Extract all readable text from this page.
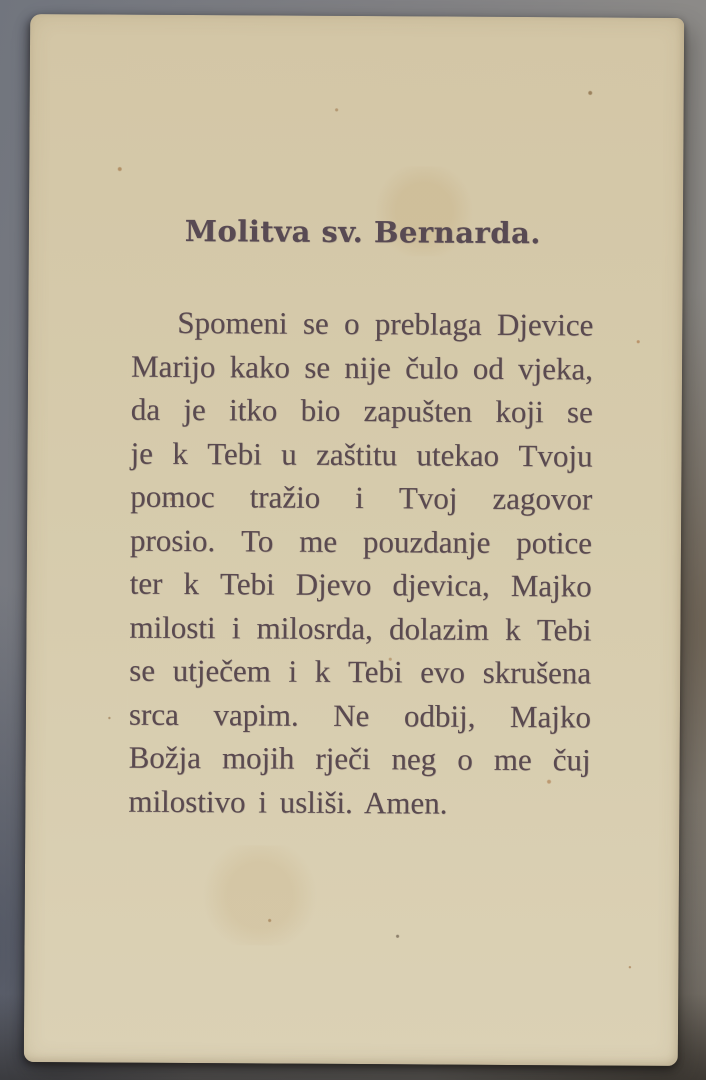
Molitva sv. Bernarda.
Spomeni se o preblaga Djevice
Marijo kako se nije čulo od vjeka,
da je itko bio zapušten koji se
je k Tebi u zaštitu utekao Tvoju
pomoc tražio i Tvoj zagovor
prosio. To me pouzdanje potice
ter k Tebi Djevo djevica, Majko
milosti i milosrda, dolazim k Tebi
se utječem i k Tebi evo skrušena
srca vapim. Ne odbij, Majko
Božja mojih rječi neg o me čuj
milostivo i usliši. Amen.
